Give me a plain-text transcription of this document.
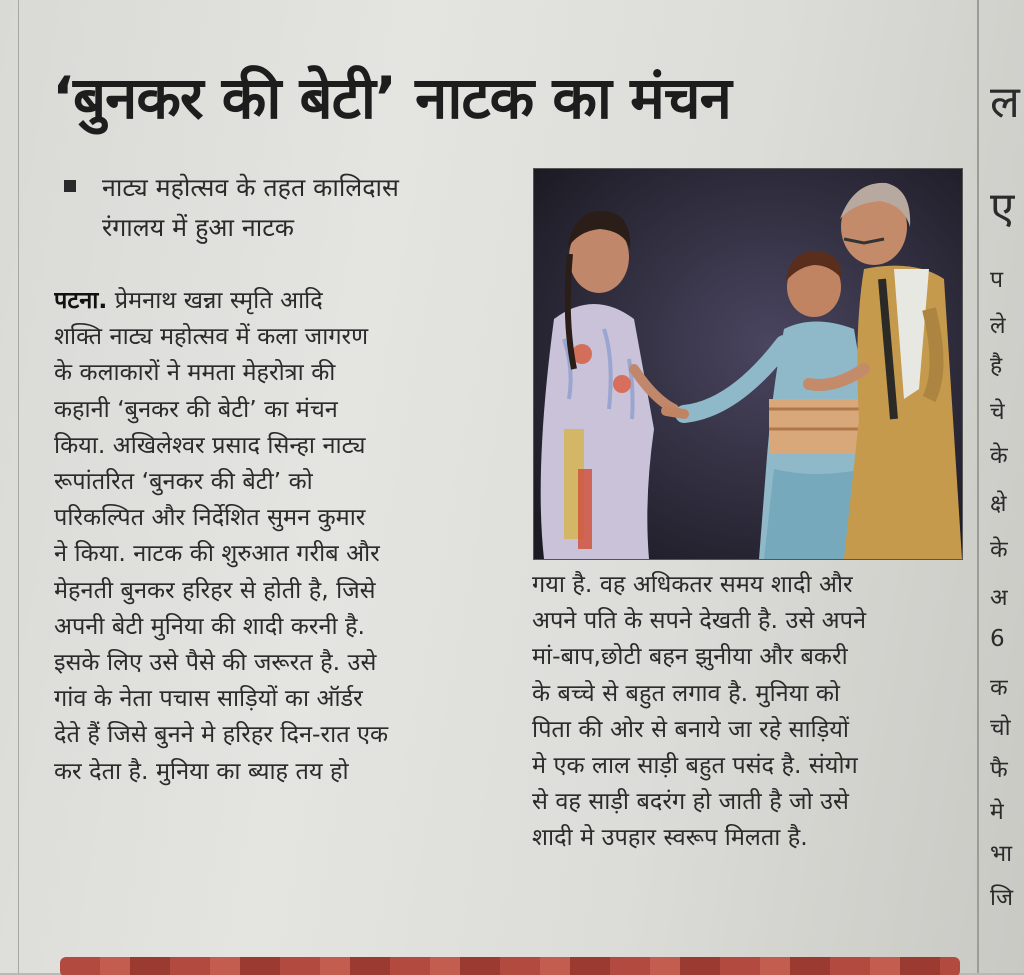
‘बुनकर की बेटी’ नाटक का मंचन
नाट्य महोत्सव के तहत कालिदास
रंगालय में हुआ नाटक
पटना. प्रेमनाथ खन्ना स्मृति आदि
शक्ति नाट्य महोत्सव में कला जागरण
के कलाकारों ने ममता मेहरोत्रा की
कहानी ‘बुनकर की बेटी’ का मंचन
किया. अखिलेश्वर प्रसाद सिन्हा नाट्य
रूपांतरित ‘बुनकर की बेटी’ को
परिकल्पित और निर्देशित सुमन कुमार
ने किया. नाटक की शुरुआत गरीब और
मेहनती बुनकर हरिहर से होती है, जिसे
अपनी बेटी मुनिया की शादी करनी है.
इसके लिए उसे पैसे की जरूरत है. उसे
गांव के नेता पचास साड़ियों का ऑर्डर
देते हैं जिसे बुनने मे हरिहर दिन-रात एक
कर देता है. मुनिया का ब्याह तय हो
गया है. वह अधिकतर समय शादी और
अपने पति के सपने देखती है. उसे अपने
मां-बाप,छोटी बहन झुनीया और बकरी
के बच्चे से बहुत लगाव है. मुनिया को
पिता की ओर से बनाये जा रहे साड़ियों
मे एक लाल साड़ी बहुत पसंद है. संयोग
से वह साड़ी बदरंग हो जाती है जो उसे
शादी मे उपहार स्वरूप मिलता है.
ल
ए
प
ले
है
चे
के
क्षे
के
अ
6
क
चो
फै
मे
भा
जि
